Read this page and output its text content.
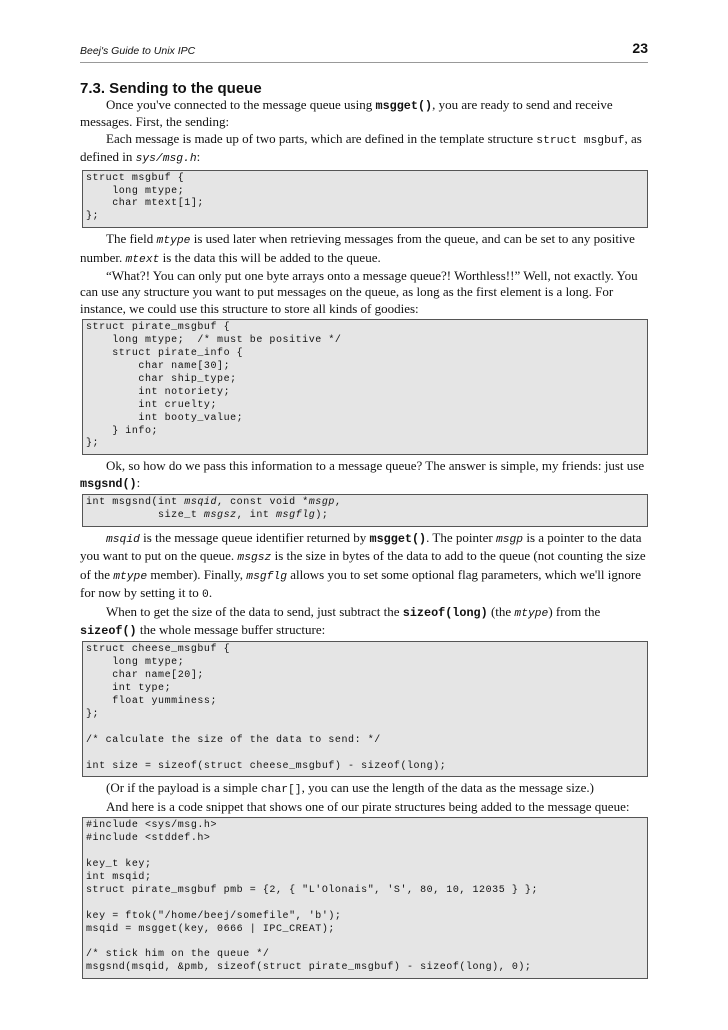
Beej's Guide to Unix IPC	23
7.3. Sending to the queue

Once you've connected to the message queue using msgget(), you are ready to send and receive messages. First, the sending:

Each message is made up of two parts, which are defined in the template structure struct msgbuf, as defined in sys/msg.h:

struct msgbuf {
long mtype;
char mtext[1];
};

The field mtype is used later when retrieving messages from the queue, and can be set to any positive number. mtext is the data this will be added to the queue.

“What?! You can only put one byte arrays onto a message queue?! Worthless!!” Well, not exactly. You can use any structure you want to put messages on the queue, as long as the first element is a long. For instance, we could use this structure to store all kinds of goodies:

struct pirate_msgbuf {
long mtype;  /* must be positive */
struct pirate_info {
char name[30];
char ship_type;
int notoriety;
int cruelty;
int booty_value;
} info;
};

Ok, so how do we pass this information to a message queue? The answer is simple, my friends: just use msgsnd():

int msgsnd(int msqid, const void *msgp,
size_t msgsz, int msgflg);

msqid is the message queue identifier returned by msgget(). The pointer msgp is a pointer to the data you want to put on the queue. msgsz is the size in bytes of the data to add to the queue (not counting the size of the mtype member). Finally, msgflg allows you to set some optional flag parameters, which we'll ignore for now by setting it to 0.

When to get the size of the data to send, just subtract the sizeof(long) (the mtype) from the sizeof() the whole message buffer structure:

struct cheese_msgbuf {
long mtype;
char name[20];
int type;
float yumminess;
};

/* calculate the size of the data to send: */

int size = sizeof(struct cheese_msgbuf) - sizeof(long);

(Or if the payload is a simple char[], you can use the length of the data as the message size.)

And here is a code snippet that shows one of our pirate structures being added to the message queue:

#include <sys/msg.h>
#include <stddef.h>

key_t key;
int msqid;
struct pirate_msgbuf pmb = {2, { "L'Olonais", 'S', 80, 10, 12035 } };

key = ftok("/home/beej/somefile", 'b');
msqid = msgget(key, 0666 | IPC_CREAT);

/* stick him on the queue */
msgsnd(msqid, &pmb, sizeof(struct pirate_msgbuf) - sizeof(long), 0);
